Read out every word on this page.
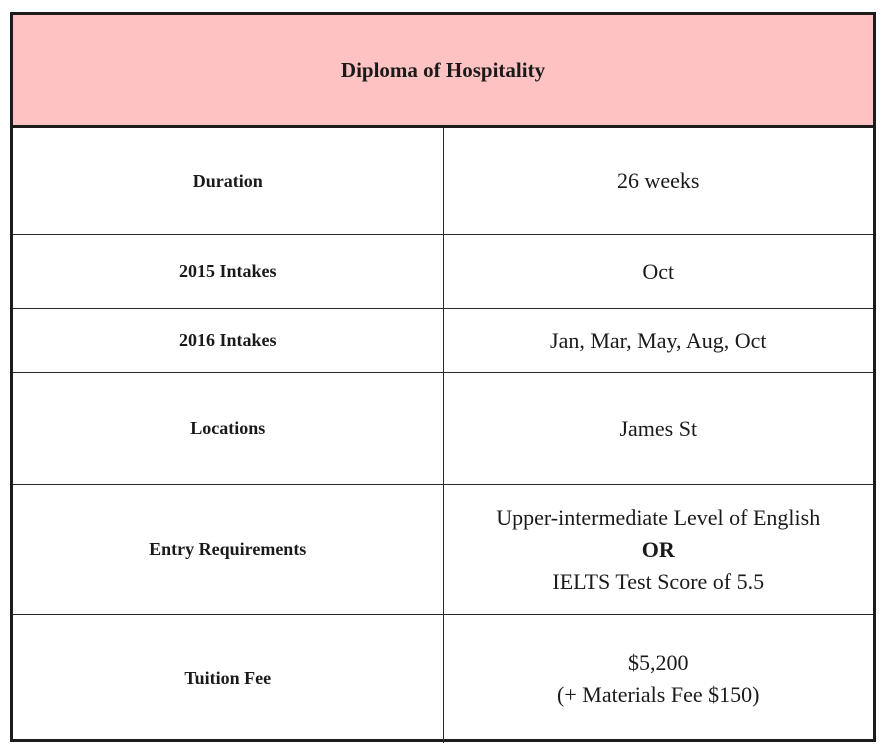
Diploma of Hospitality	
Duration	26 weeks
2015 Intakes	Oct
2016 Intakes	Jan, Mar, May, Aug, Oct
Locations	James St
Entry Requirements	Upper-intermediate Level of English
OR
IELTS Test Score of 5.5

Tuition Fee	$5,200
(+ Materials Fee $150)
